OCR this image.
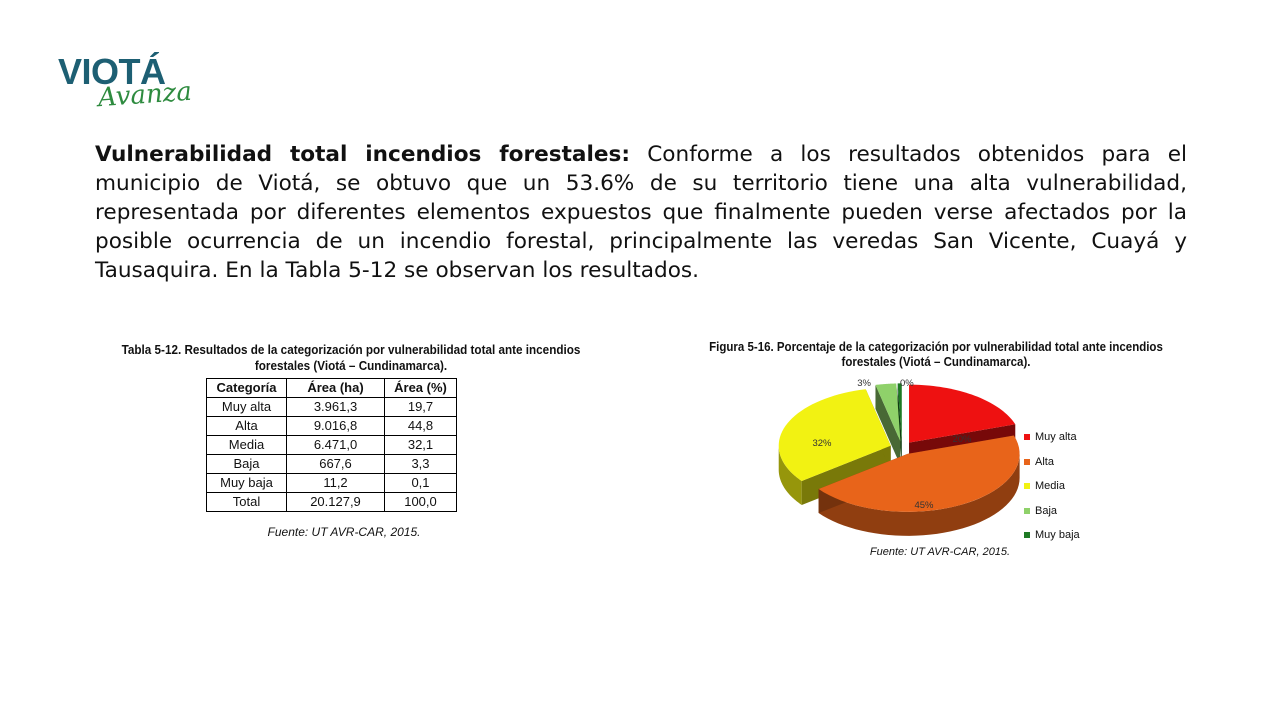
VIOTÁ
Avanza

Vulnerabilidad total incendios forestales: Conforme a los resultados obtenidos para el municipio de Viotá, se obtuvo que un 53.6% de su territorio tiene una alta vulnerabilidad, representada por diferentes elementos expuestos que finalmente pueden verse afectados por la posible ocurrencia de un incendio forestal, principalmente las veredas San Vicente, Cuayá y Tausaquira. En la Tabla 5-12 se observan los resultados.

Tabla 5-12. Resultados de la categorización por vulnerabilidad total ante incendios forestales (Viotá – Cundinamarca).
Categoría	Área (ha)	Área (%)
Muy alta	3.961,3	19,7
Alta	9.016,8	44,8
Media	6.471,0	32,1
Baja	667,6	3,3
Muy baja	11,2	0,1
Total	20.127,9	100,0
Fuente: UT AVR-CAR, 2015.
Figura 5-16. Porcentaje de la categorización por vulnerabilidad total ante incendios forestales (Viotá – Cundinamarca).
20%
45%
32%
3%	0%
Muy alta
Alta
Media
Baja
Muy baja
Fuente: UT AVR-CAR, 2015.
